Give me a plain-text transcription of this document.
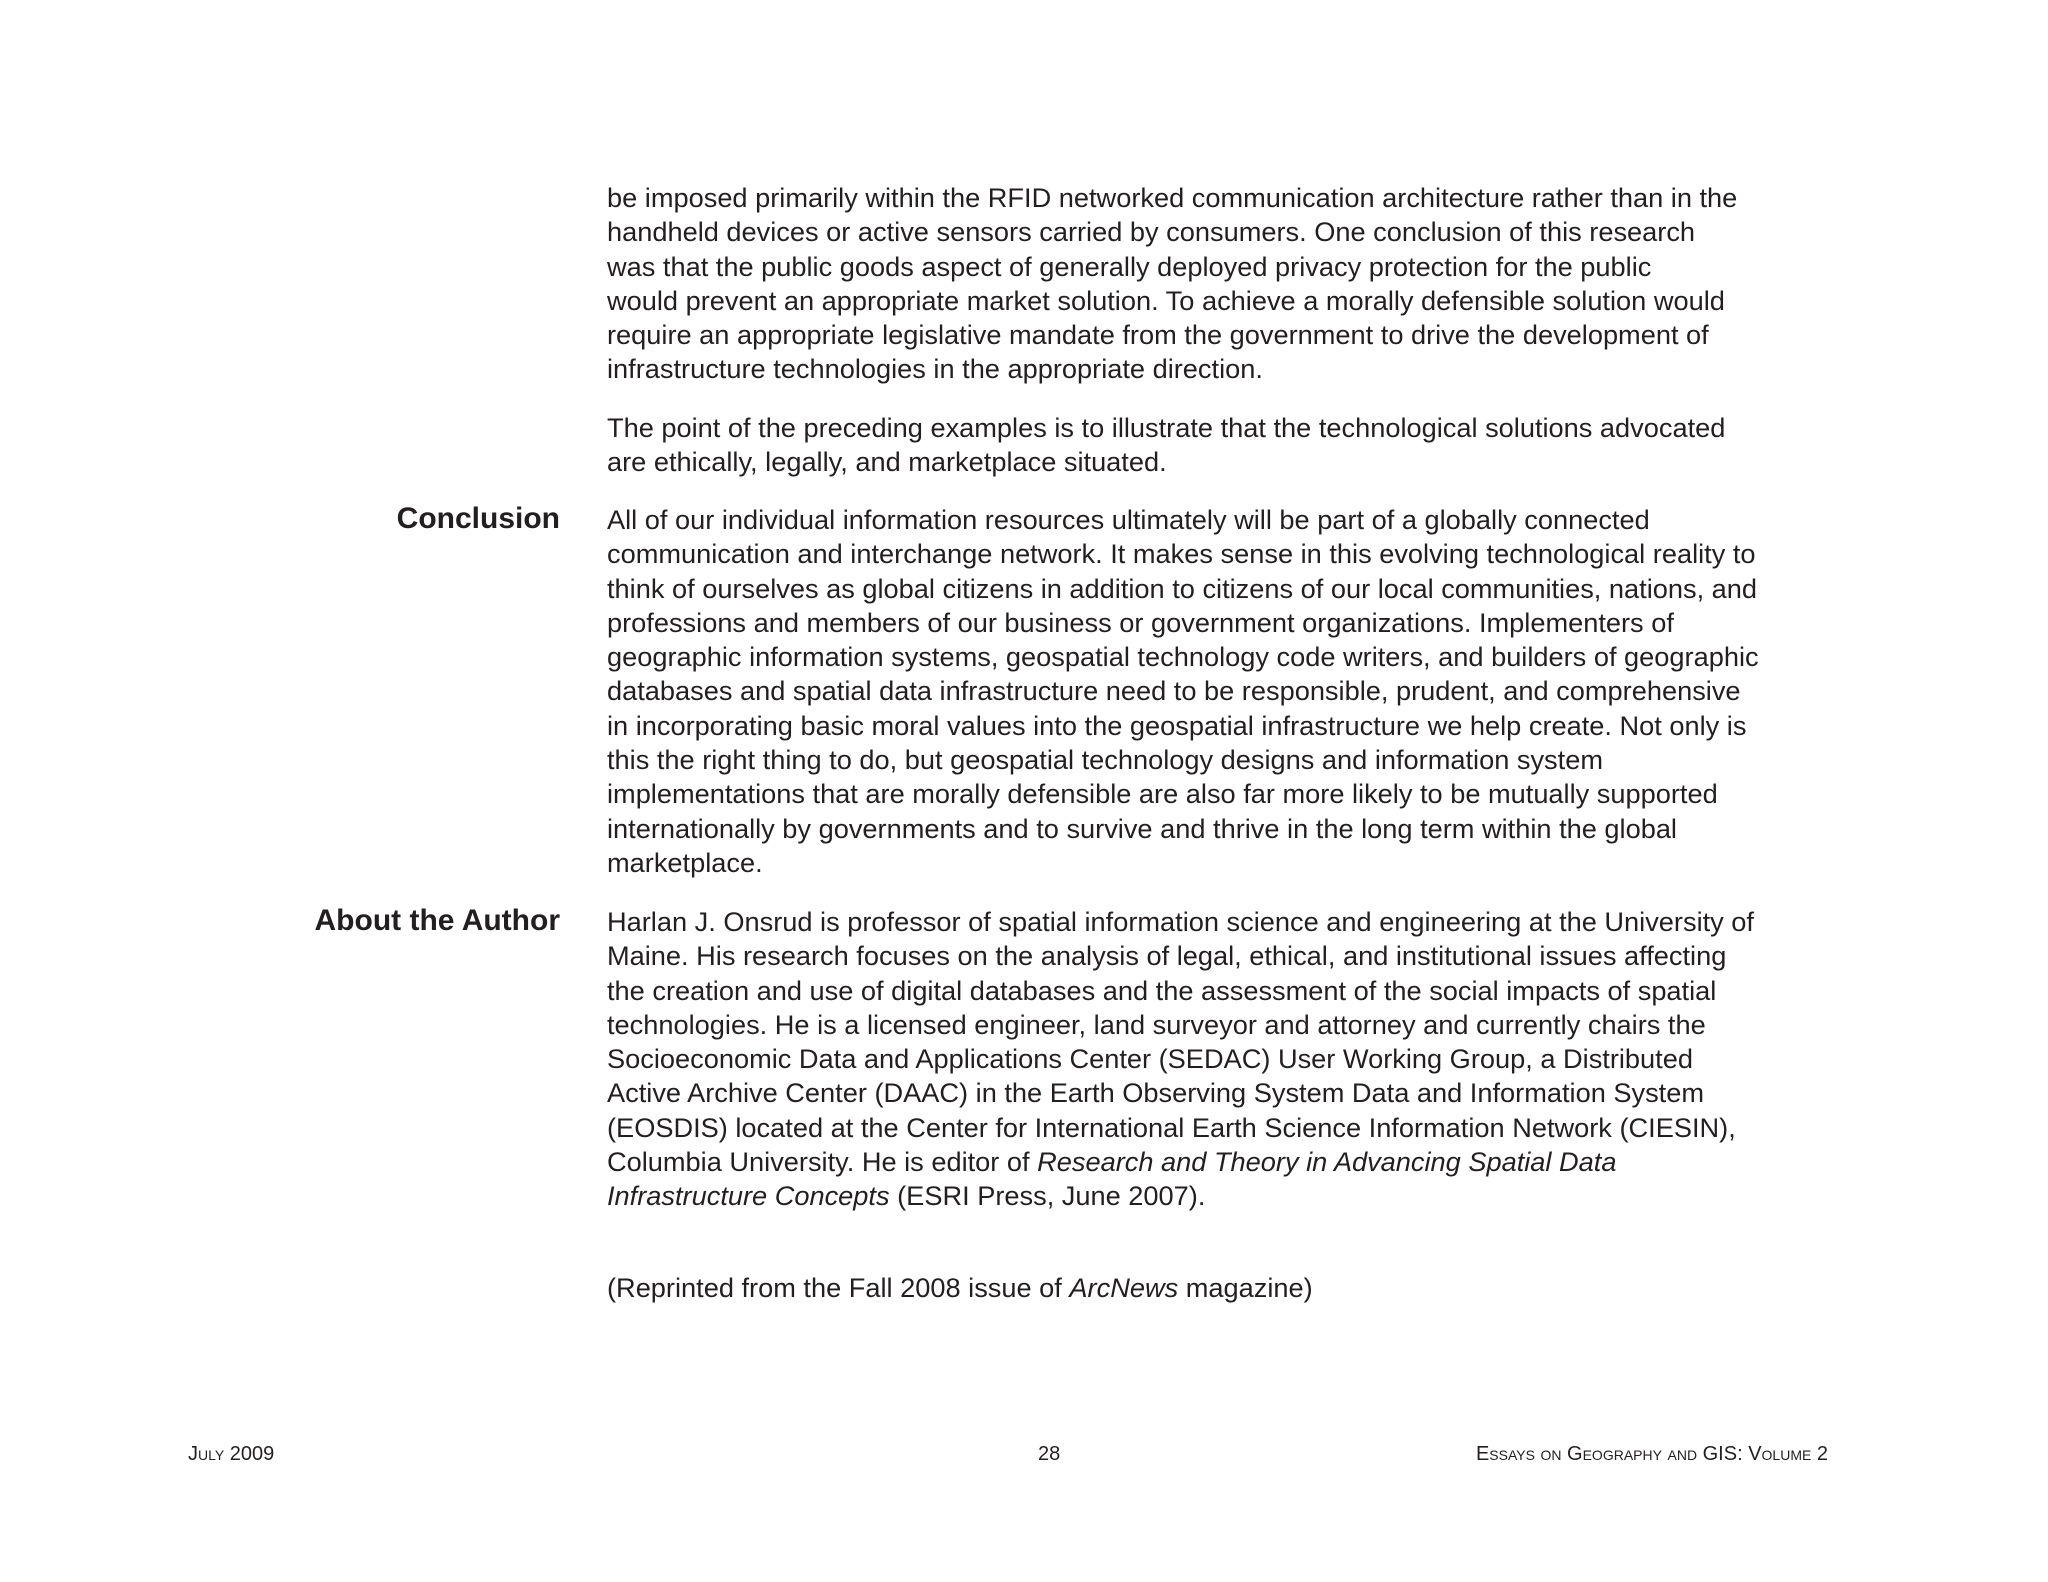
be imposed primarily within the RFID networked communication architecture rather than in the
handheld devices or active sensors carried by consumers. One conclusion of this research
was that the public goods aspect of generally deployed privacy protection for the public
would prevent an appropriate market solution. To achieve a morally defensible solution would
require an appropriate legislative mandate from the government to drive the development of
infrastructure technologies in the appropriate direction.

The point of the preceding examples is to illustrate that the technological solutions advocated
are ethically, legally, and marketplace situated.

Conclusion All of our individual information resources ultimately will be part of a globally connected
communication and interchange network. It makes sense in this evolving technological reality to
think of ourselves as global citizens in addition to citizens of our local communities, nations, and
professions and members of our business or government organizations. Implementers of
geographic information systems, geospatial technology code writers, and builders of geographic
databases and spatial data infrastructure need to be responsible, prudent, and comprehensive
in incorporating basic moral values into the geospatial infrastructure we help create. Not only is
this the right thing to do, but geospatial technology designs and information system
implementations that are morally defensible are also far more likely to be mutually supported
internationally by governments and to survive and thrive in the long term within the global
marketplace.

About the Author Harlan J. Onsrud is professor of spatial information science and engineering at the University of
Maine. His research focuses on the analysis of legal, ethical, and institutional issues affecting
the creation and use of digital databases and the assessment of the social impacts of spatial
technologies. He is a licensed engineer, land surveyor and attorney and currently chairs the
Socioeconomic Data and Applications Center (SEDAC) User Working Group, a Distributed
Active Archive Center (DAAC) in the Earth Observing System Data and Information System
(EOSDIS) located at the Center for International Earth Science Information Network (CIESIN),
Columbia University. He is editor of Research and Theory in Advancing Spatial Data
Infrastructure Concepts (ESRI Press, June 2007).

(Reprinted from the Fall 2008 issue of ArcNews magazine)

July 2009	28	Essays on Geography and GIS: Volume 2
